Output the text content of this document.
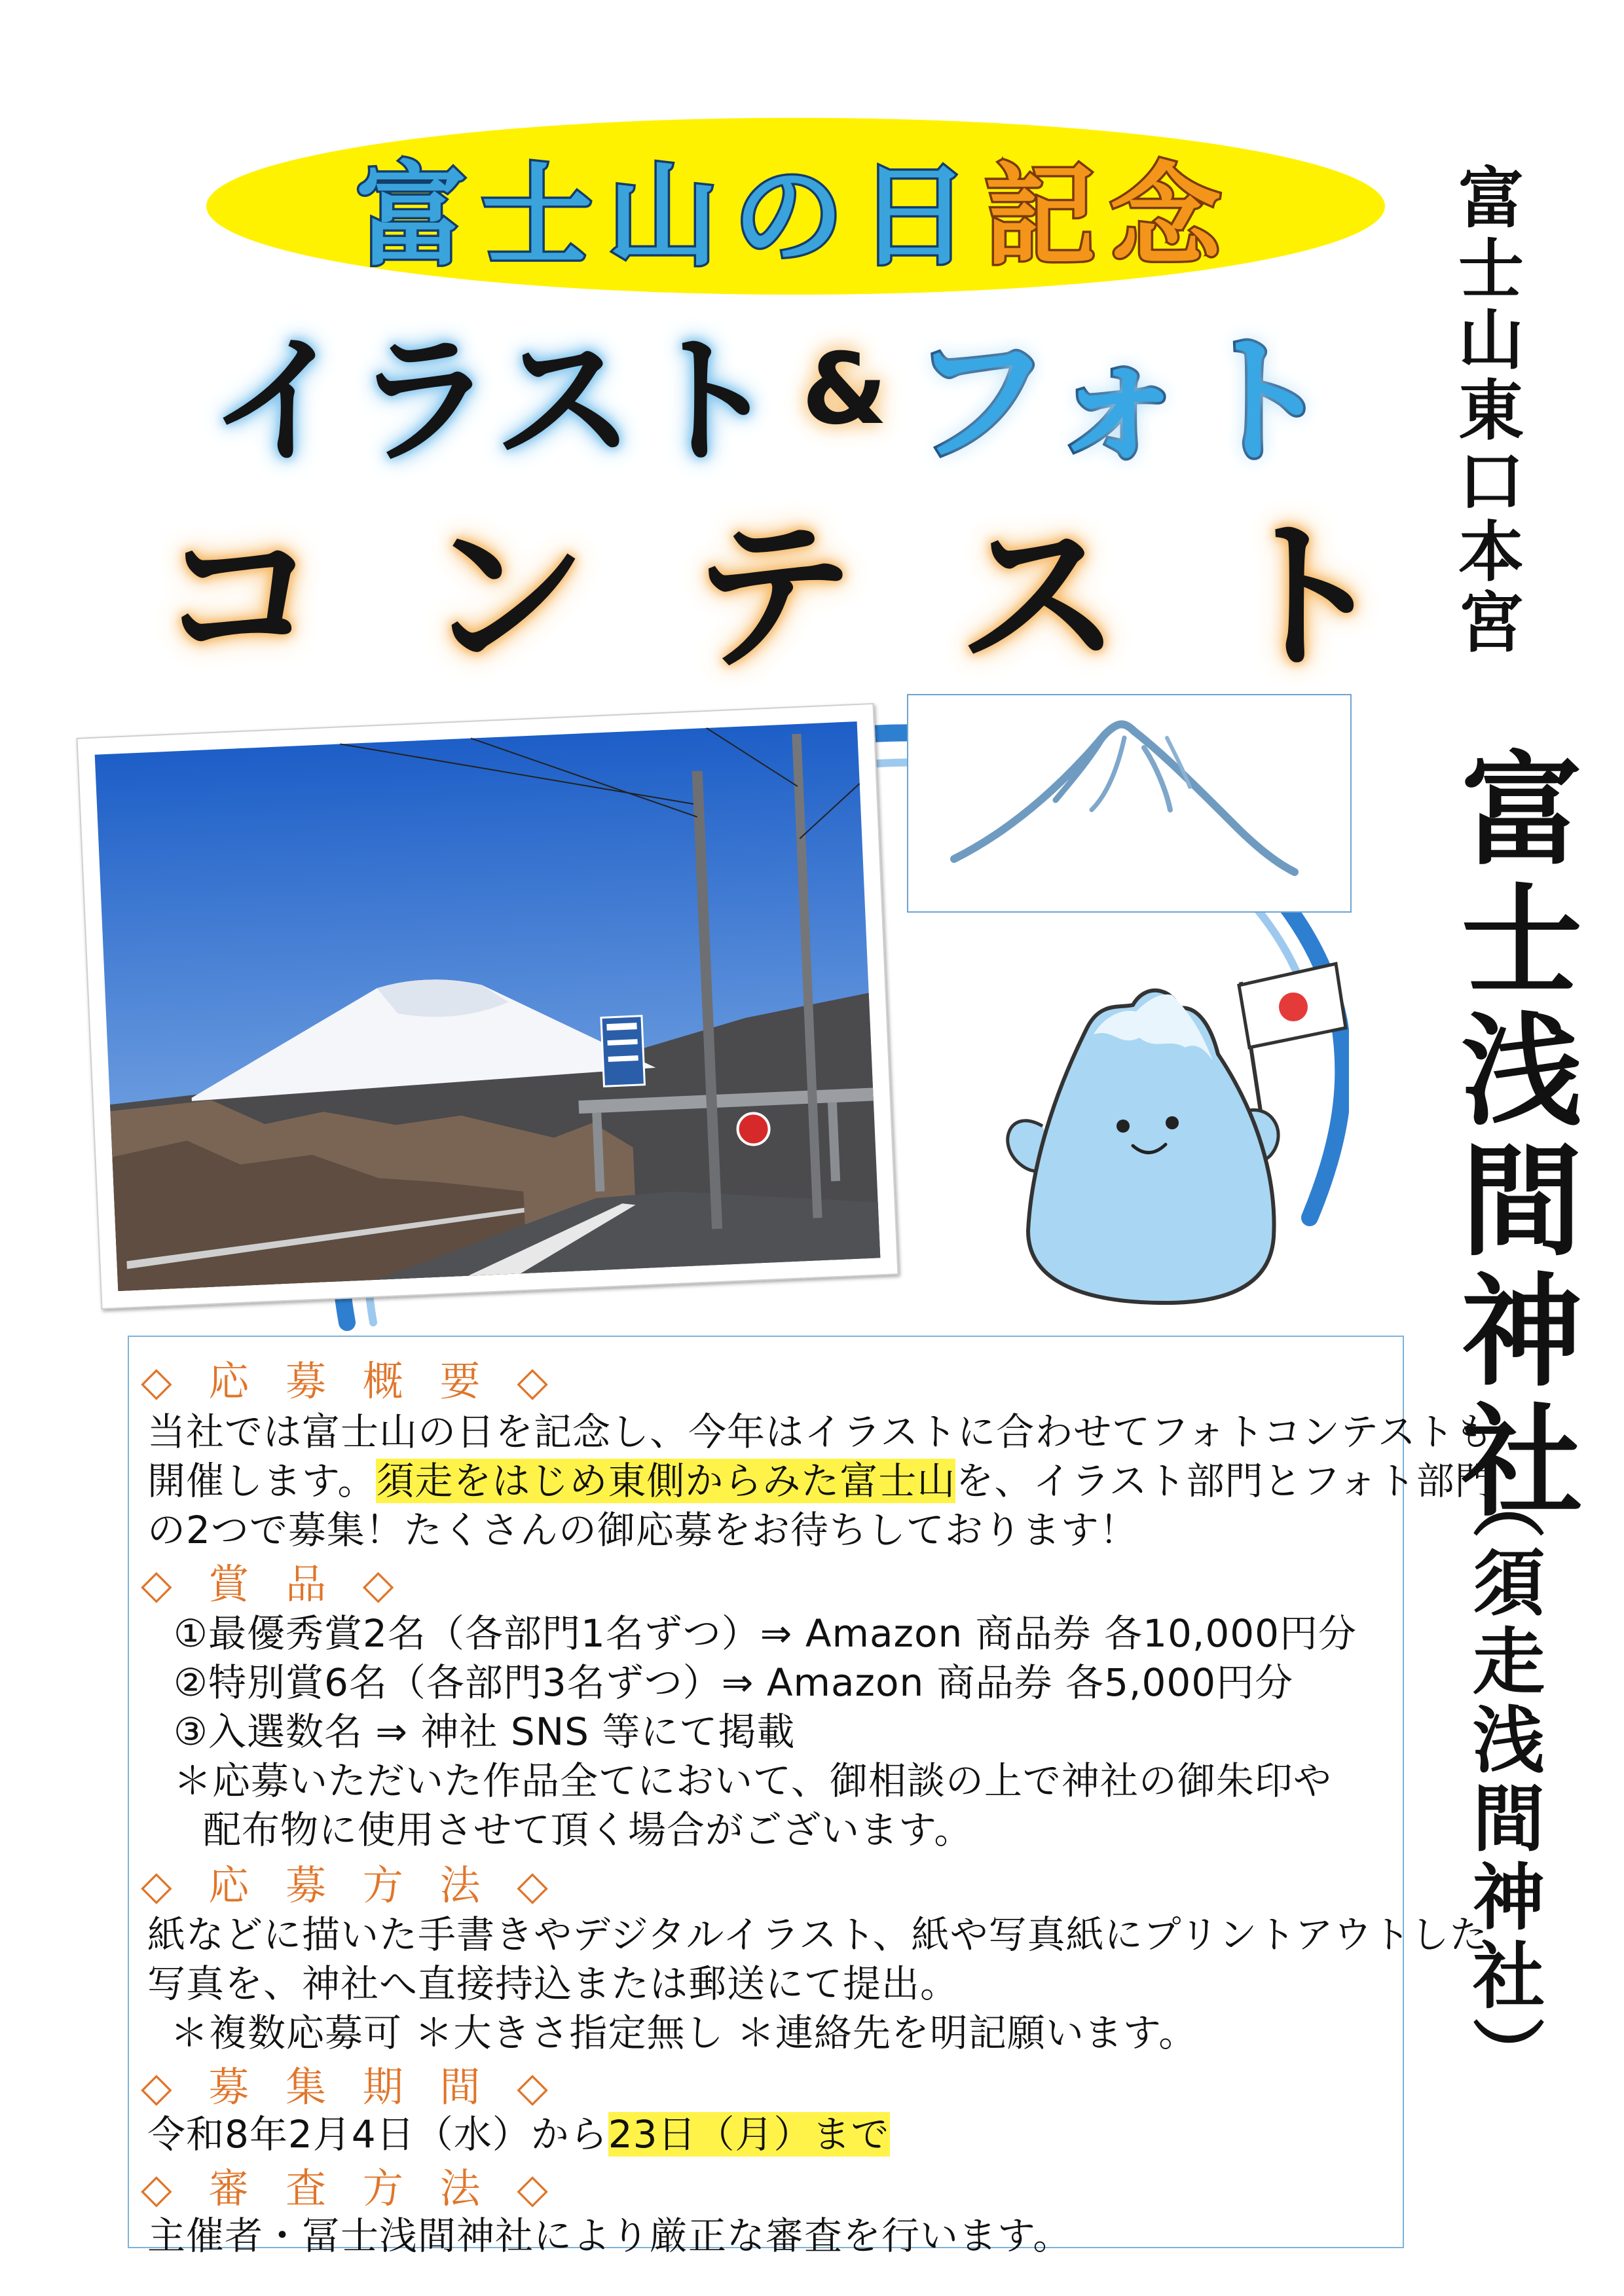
富士山の日 記念
イラスト & フォト
コ ン テ ス ト 富士山東口本宮
富士浅間神社
（須走浅間神社）
◇ 応 募 概 要 ◇
当社では富士山の日を記念し、今年はイラストに合わせてフォトコンテストも
開催します。須走をはじめ東側からみた富士山を、イラスト部門とフォト部門
の2つで募集！たくさんの御応募をお待ちしております！
◇ 賞 品 ◇
①最優秀賞2名（各部門1名ずつ）⇒ Amazon 商品券 各10,000円分
②特別賞6名（各部門3名ずつ）⇒ Amazon 商品券 各5,000円分
③入選数名 ⇒ 神社 SNS 等にて掲載
＊応募いただいた作品全てにおいて、御相談の上で神社の御朱印や
配布物に使用させて頂く場合がございます。
◇ 応 募 方 法 ◇
紙などに描いた手書きやデジタルイラスト、紙や写真紙にプリントアウトした
写真を、神社へ直接持込または郵送にて提出。
＊複数応募可 ＊大きさ指定無し ＊連絡先を明記願います。
◇ 募 集 期 間 ◇
令和8年2月4日（水）から23日（月）まで
◇ 審 査 方 法 ◇
主催者・冨士浅間神社により厳正な審査を行います。
